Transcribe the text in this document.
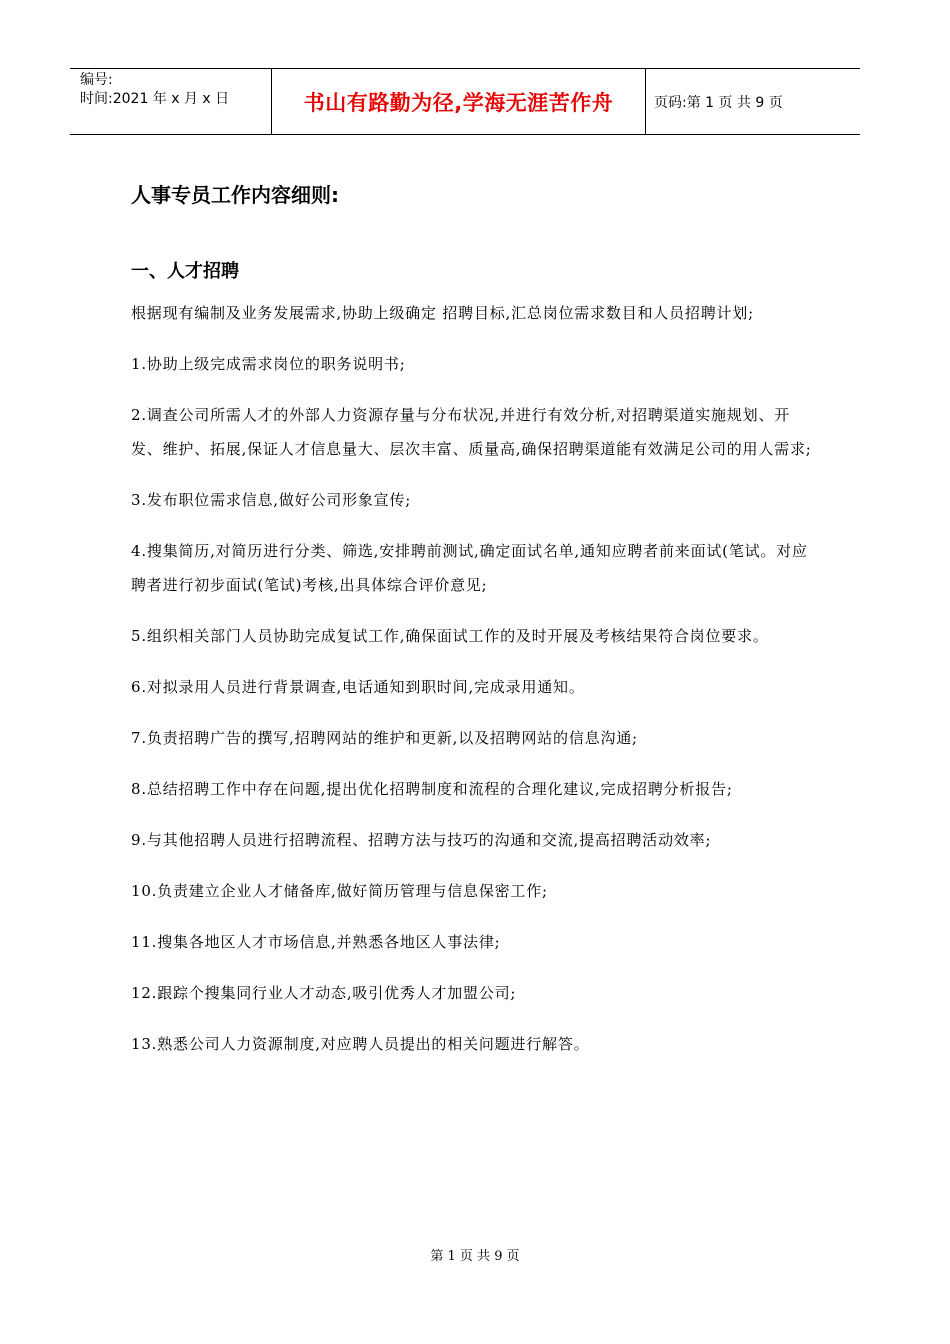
编号:
时间:2021 年 x 月 x 日	书山有路勤为径,学海无涯苦作舟	页码:第 1 页 共 9 页
人事专员工作内容细则:
一、人才招聘

根据现有编制及业务发展需求,协助上级确定 招聘目标,汇总岗位需求数目和人员招聘计划;

1.协助上级完成需求岗位的职务说明书;

2.调查公司所需人才的外部人力资源存量与分布状况,并进行有效分析,对招聘渠道实施规划、开发、维护、拓展,保证人才信息量大、层次丰富、质量高,确保招聘渠道能有效满足公司的用人需求;

3.发布职位需求信息,做好公司形象宣传;

4.搜集简历,对简历进行分类、筛选,安排聘前测试,确定面试名单,通知应聘者前来面试(笔试。对应聘者进行初步面试(笔试)考核,出具体综合评价意见;

5.组织相关部门人员协助完成复试工作,确保面试工作的及时开展及考核结果符合岗位要求。

6.对拟录用人员进行背景调查,电话通知到职时间,完成录用通知。

7.负责招聘广告的撰写,招聘网站的维护和更新,以及招聘网站的信息沟通;

8.总结招聘工作中存在问题,提出优化招聘制度和流程的合理化建议,完成招聘分析报告;

9.与其他招聘人员进行招聘流程、招聘方法与技巧的沟通和交流,提高招聘活动效率;

10.负责建立企业人才储备库,做好简历管理与信息保密工作;

11.搜集各地区人才市场信息,并熟悉各地区人事法律;

12.跟踪个搜集同行业人才动态,吸引优秀人才加盟公司;

13.熟悉公司人力资源制度,对应聘人员提出的相关问题进行解答。

第 1 页 共 9 页
